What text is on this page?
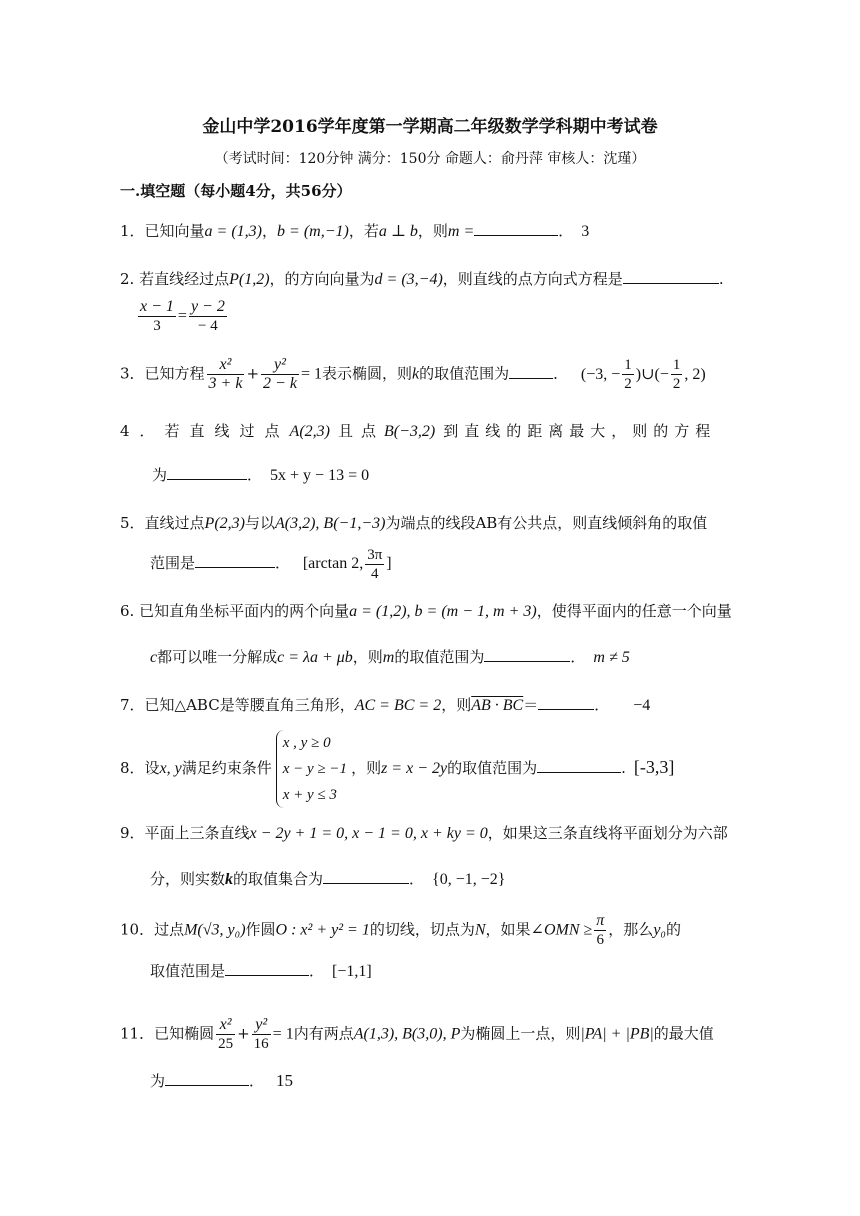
金山中学2016学年度第一学期高二年级数学学科期中考试卷
（考试时间：120分钟 满分：150分 命题人：俞丹萍 审核人：沈瑾）
一.填空题（每小题4分，共56分）
1．已知向量a = (1,3)，b = (m,−1)，若a ⊥ b，则m =	． 3
2. 若直线经过点P(1,2)，的方向向量为d = (3,−4)，则直线的点方向式方程是	.
$\frac{x - 1}{3} = \frac{y - 2}{- 4}$
3．已知方程 $\frac{\text{x²}}{3 + k} + \frac{\text{y²}}{2 - k} = 1$表示椭圆，则k的取值范围为	． (−3, − $\frac{1}{2}$ )∪(− $\frac{1}{2}$ , 2)
4．若直线过点A(2,3) 且点B(−3,2) 到直线的距离最大，则的方程
为	． 5x + y − 13 = 0
5．直线过点P(2,3)与以A(3,2), B(−1,−3)为端点的线段AB有公共点，则直线倾斜角的取值
范围是	． [arctan 2, $\frac{3\pi}{4}$ ]
6. 已知直角坐标平面内的两个向量a = (1,2), b = (m − 1, m + 3)，使得平面内的任意一个向量
c都可以唯一分解成c = λa + μb，则m的取值范围为	． m ≠ 5
7．已知△ABC是等腰直角三角形，AC = BC = 2，则AB · BC＝	． −4
8．设x, y满足约束条件
x , y ≥ 0
x − y ≥ −1
x + y ≤ 3
，则z = x − 2y的取值范围为	. [-3,3]
9．平面上三条直线x − 2y + 1 = 0, x − 1 = 0, x + ky = 0，如果这三条直线将平面划分为六部
分，则实数k的取值集合为	． {0, −1, −2}
10．过点M(√3, y₀)作圆O : x² + y² = 1的切线，切点为N，如果∠OMN ≥ $\frac{\pi}{6}$ ，那么y₀的
取值范围是	． [−1,1]
11．已知椭圆 $\frac{\text{x²}}{25} + \frac{\text{y²}}{16} = 1$内有两点A(1,3), B(3,0), P为椭圆上一点，则|PA| + |PB|的最大值
为	． 15
